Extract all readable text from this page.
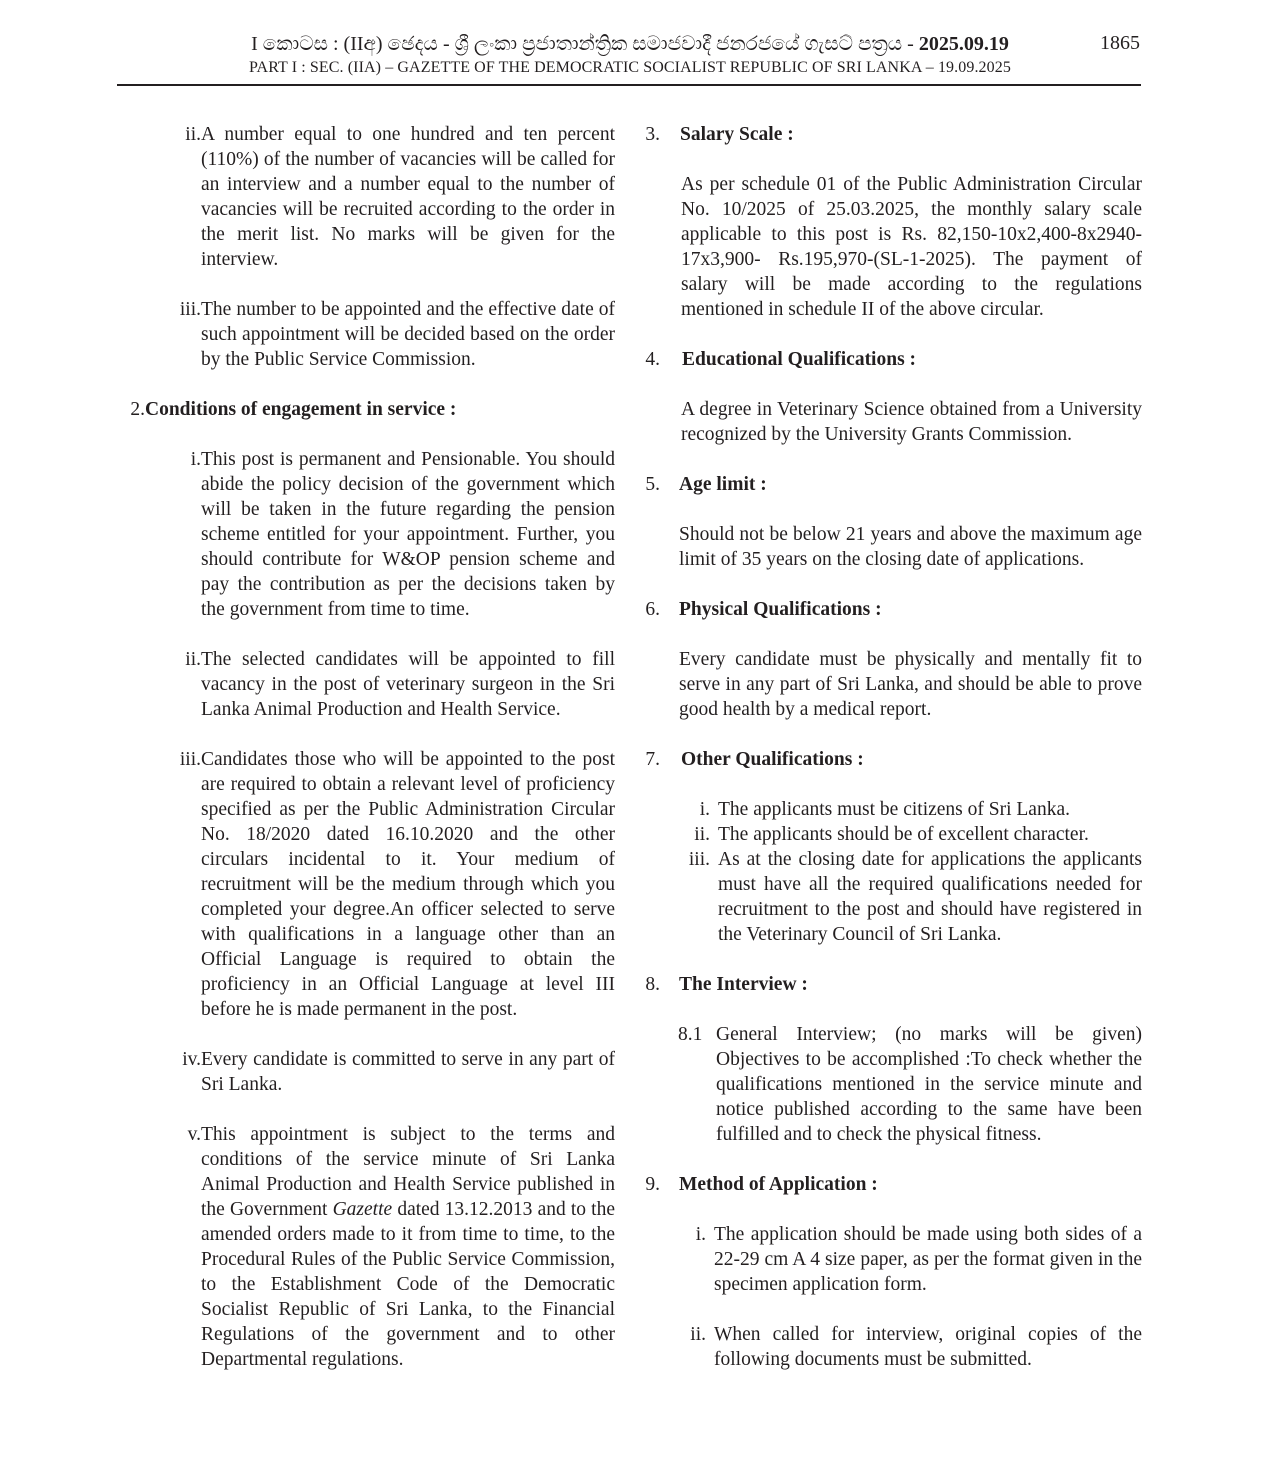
I කොටස : (IIඅ) ඡෙදය - ශ්‍රී ලංකා ප්‍රජාතාන්ත්‍රික සමාජවාදී ජනරජයේ ගැසට් පත්‍රය - 2025.09.19	1865
PART I : SEC. (IIA) – GAZETTE OF THE DEMOCRATIC SOCIALIST REPUBLIC OF SRI LANKA – 19.09.2025
ii. A number equal to one hundred and ten percent (110%) of the number of vacancies will be called for an interview and a number equal to the number of vacancies will be recruited according to the order in the merit list. No marks will be given for the interview.
iii. The number to be appointed and the effective date of such appointment will be decided based on the order by the Public Service Commission.
2. Conditions of engagement in service :
i. This post is permanent and Pensionable. You should abide the policy decision of the government which will be taken in the future regarding the pension scheme entitled for your appointment. Further, you should contribute for W&OP pension scheme and pay the contribution as per the decisions taken by the government from time to time.
ii. The selected candidates will be appointed to fill vacancy in the post of veterinary surgeon in the Sri Lanka Animal Production and Health Service.
iii. Candidates those who will be appointed to the post are required to obtain a relevant level of proficiency specified as per the Public Administration Circular No. 18/2020 dated 16.10.2020 and the other circulars incidental to it. Your medium of recruitment will be the medium through which you completed your degree.An officer selected to serve with qualifications in a language other than an Official Language is required to obtain the proficiency in an Official Language at level III before he is made permanent in the post.
iv. Every candidate is committed to serve in any part of Sri Lanka.
v. This appointment is subject to the terms and conditions of the service minute of Sri Lanka Animal Production and Health Service published in the Government Gazette dated 13.12.2013 and to the amended orders made to it from time to time, to the Procedural Rules of the Public Service Commission, to the Establishment Code of the Democratic Socialist Republic of Sri Lanka, to the Financial Regulations of the government and to other Departmental regulations.
3. Salary Scale :
As per schedule 01 of the Public Administration Circular No. 10/2025 of 25.03.2025, the monthly salary scale applicable to this post is Rs. 82,150-10x2,400-8x2940-17x3,900- Rs.195,970-(SL-1-2025). The payment of salary will be made according to the regulations mentioned in schedule II of the above circular.
4. Educational Qualifications :
A degree in Veterinary Science obtained from a University recognized by the University Grants Commission.
5. Age limit :
Should not be below 21 years and above the maximum age limit of 35 years on the closing date of applications.
6. Physical Qualifications :
Every candidate must be physically and mentally fit to serve in any part of Sri Lanka, and should be able to prove good health by a medical report.
7. Other Qualifications :
i. The applicants must be citizens of Sri Lanka.
ii. The applicants should be of excellent character.
iii. As at the closing date for applications the applicants must have all the required qualifications needed for recruitment to the post and should have registered in the Veterinary Council of Sri Lanka.
8. The Interview :
8.1 General Interview; (no marks will be given) Objectives to be accomplished :To check whether the qualifications mentioned in the service minute and notice published according to the same have been fulfilled and to check the physical fitness.
9. Method of Application :
i. The application should be made using both sides of a 22-29 cm A 4 size paper, as per the format given in the specimen application form.
ii. When called for interview, original copies of the following documents must be submitted.
